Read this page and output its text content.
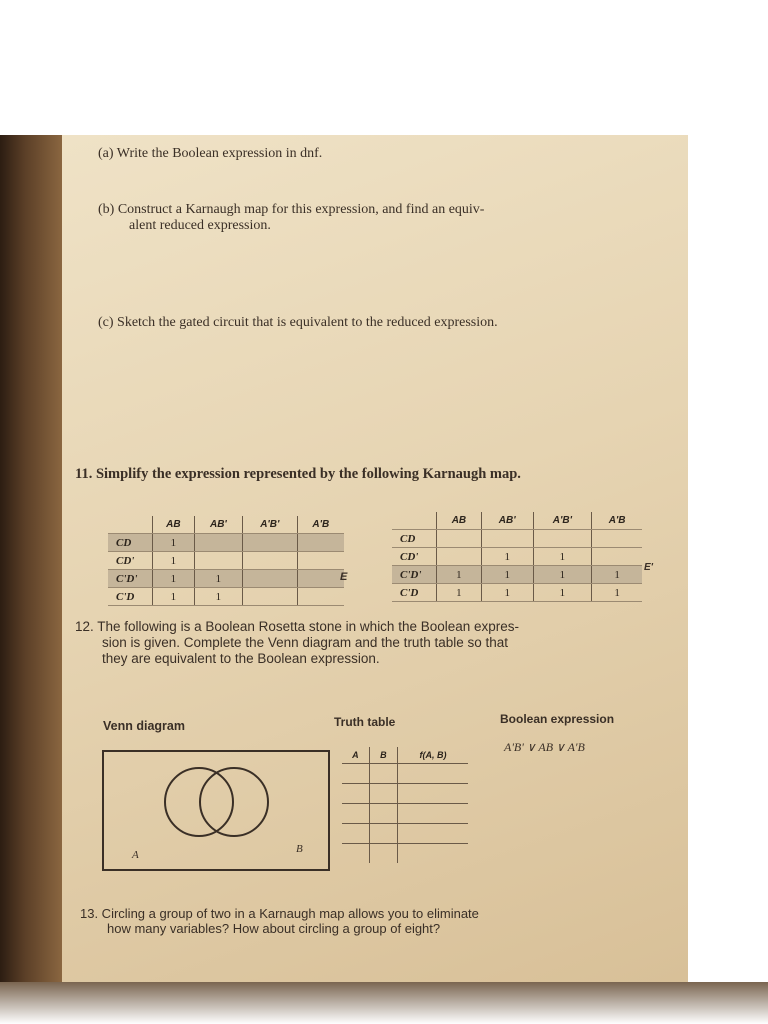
(a) Write the Boolean expression in dnf.
(b) Construct a Karnaugh map for this expression, and find an equiv-
alent reduced expression.
(c) Sketch the gated circuit that is equivalent to the reduced expression.
11. Simplify the expression represented by the following Karnaugh map.
	AB	AB'	A'B'	A'B
CD	1			
CD'	1			
C'D'	1	1		
C'D	1	1		
E
	AB	AB'	A'B'	A'B
CD				
CD'		1	1	
C'D'	1	1	1	1
C'D	1	1	1	1
E'
12. The following is a Boolean Rosetta stone in which the Boolean expres-
sion is given. Complete the Venn diagram and the truth table so that
they are equivalent to the Boolean expression.
Venn diagram	Truth table	Boolean expression
A'B' ∨ AB ∨ A'B
A	B
A	B	f(A, B)

13. Circling a group of two in a Karnaugh map allows you to eliminate
how many variables? How about circling a group of eight?
